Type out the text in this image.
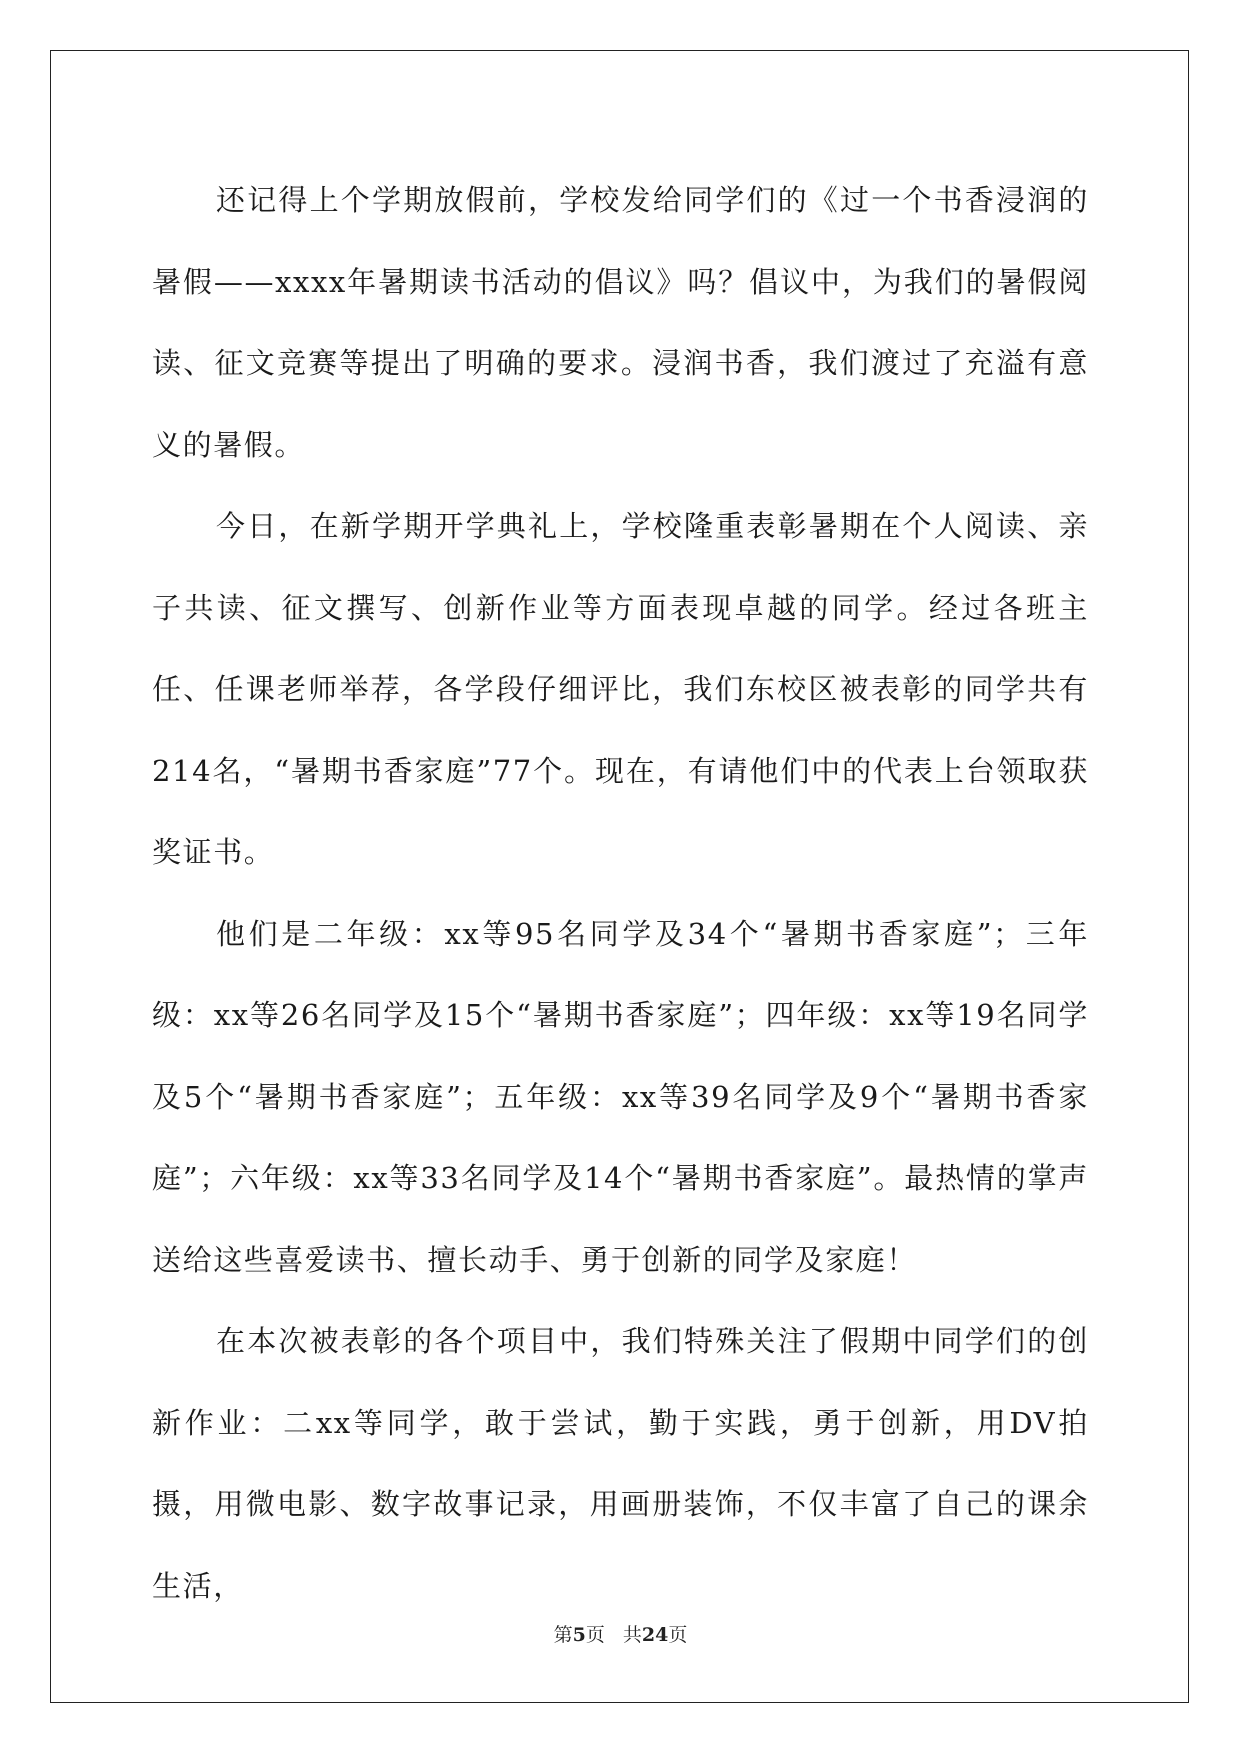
还记得上个学期放假前，学校发给同学们的《过一个书香浸润的暑假——xxxx年暑期读书活动的倡议》吗？倡议中，为我们的暑假阅读、征文竞赛等提出了明确的要求。浸润书香，我们渡过了充溢有意义的暑假。

今日，在新学期开学典礼上，学校隆重表彰暑期在个人阅读、亲子共读、征文撰写、创新作业等方面表现卓越的同学。经过各班主任、任课老师举荐，各学段仔细评比，我们东校区被表彰的同学共有214名，“暑期书香家庭”77个。现在，有请他们中的代表上台领取获奖证书。

他们是二年级：xx等95名同学及34个“暑期书香家庭”；三年级：xx等26名同学及15个“暑期书香家庭”；四年级：xx等19名同学及5个“暑期书香家庭”；五年级：xx等39名同学及9个“暑期书香家庭”；六年级：xx等33名同学及14个“暑期书香家庭”。最热情的掌声送给这些喜爱读书、擅长动手、勇于创新的同学及家庭！

在本次被表彰的各个项目中，我们特殊关注了假期中同学们的创新作业：二xx等同学，敢于尝试，勤于实践，勇于创新，用DV拍摄，用微电影、数字故事记录，用画册装饰，不仅丰富了自己的课余生活，

第5页 共24页
